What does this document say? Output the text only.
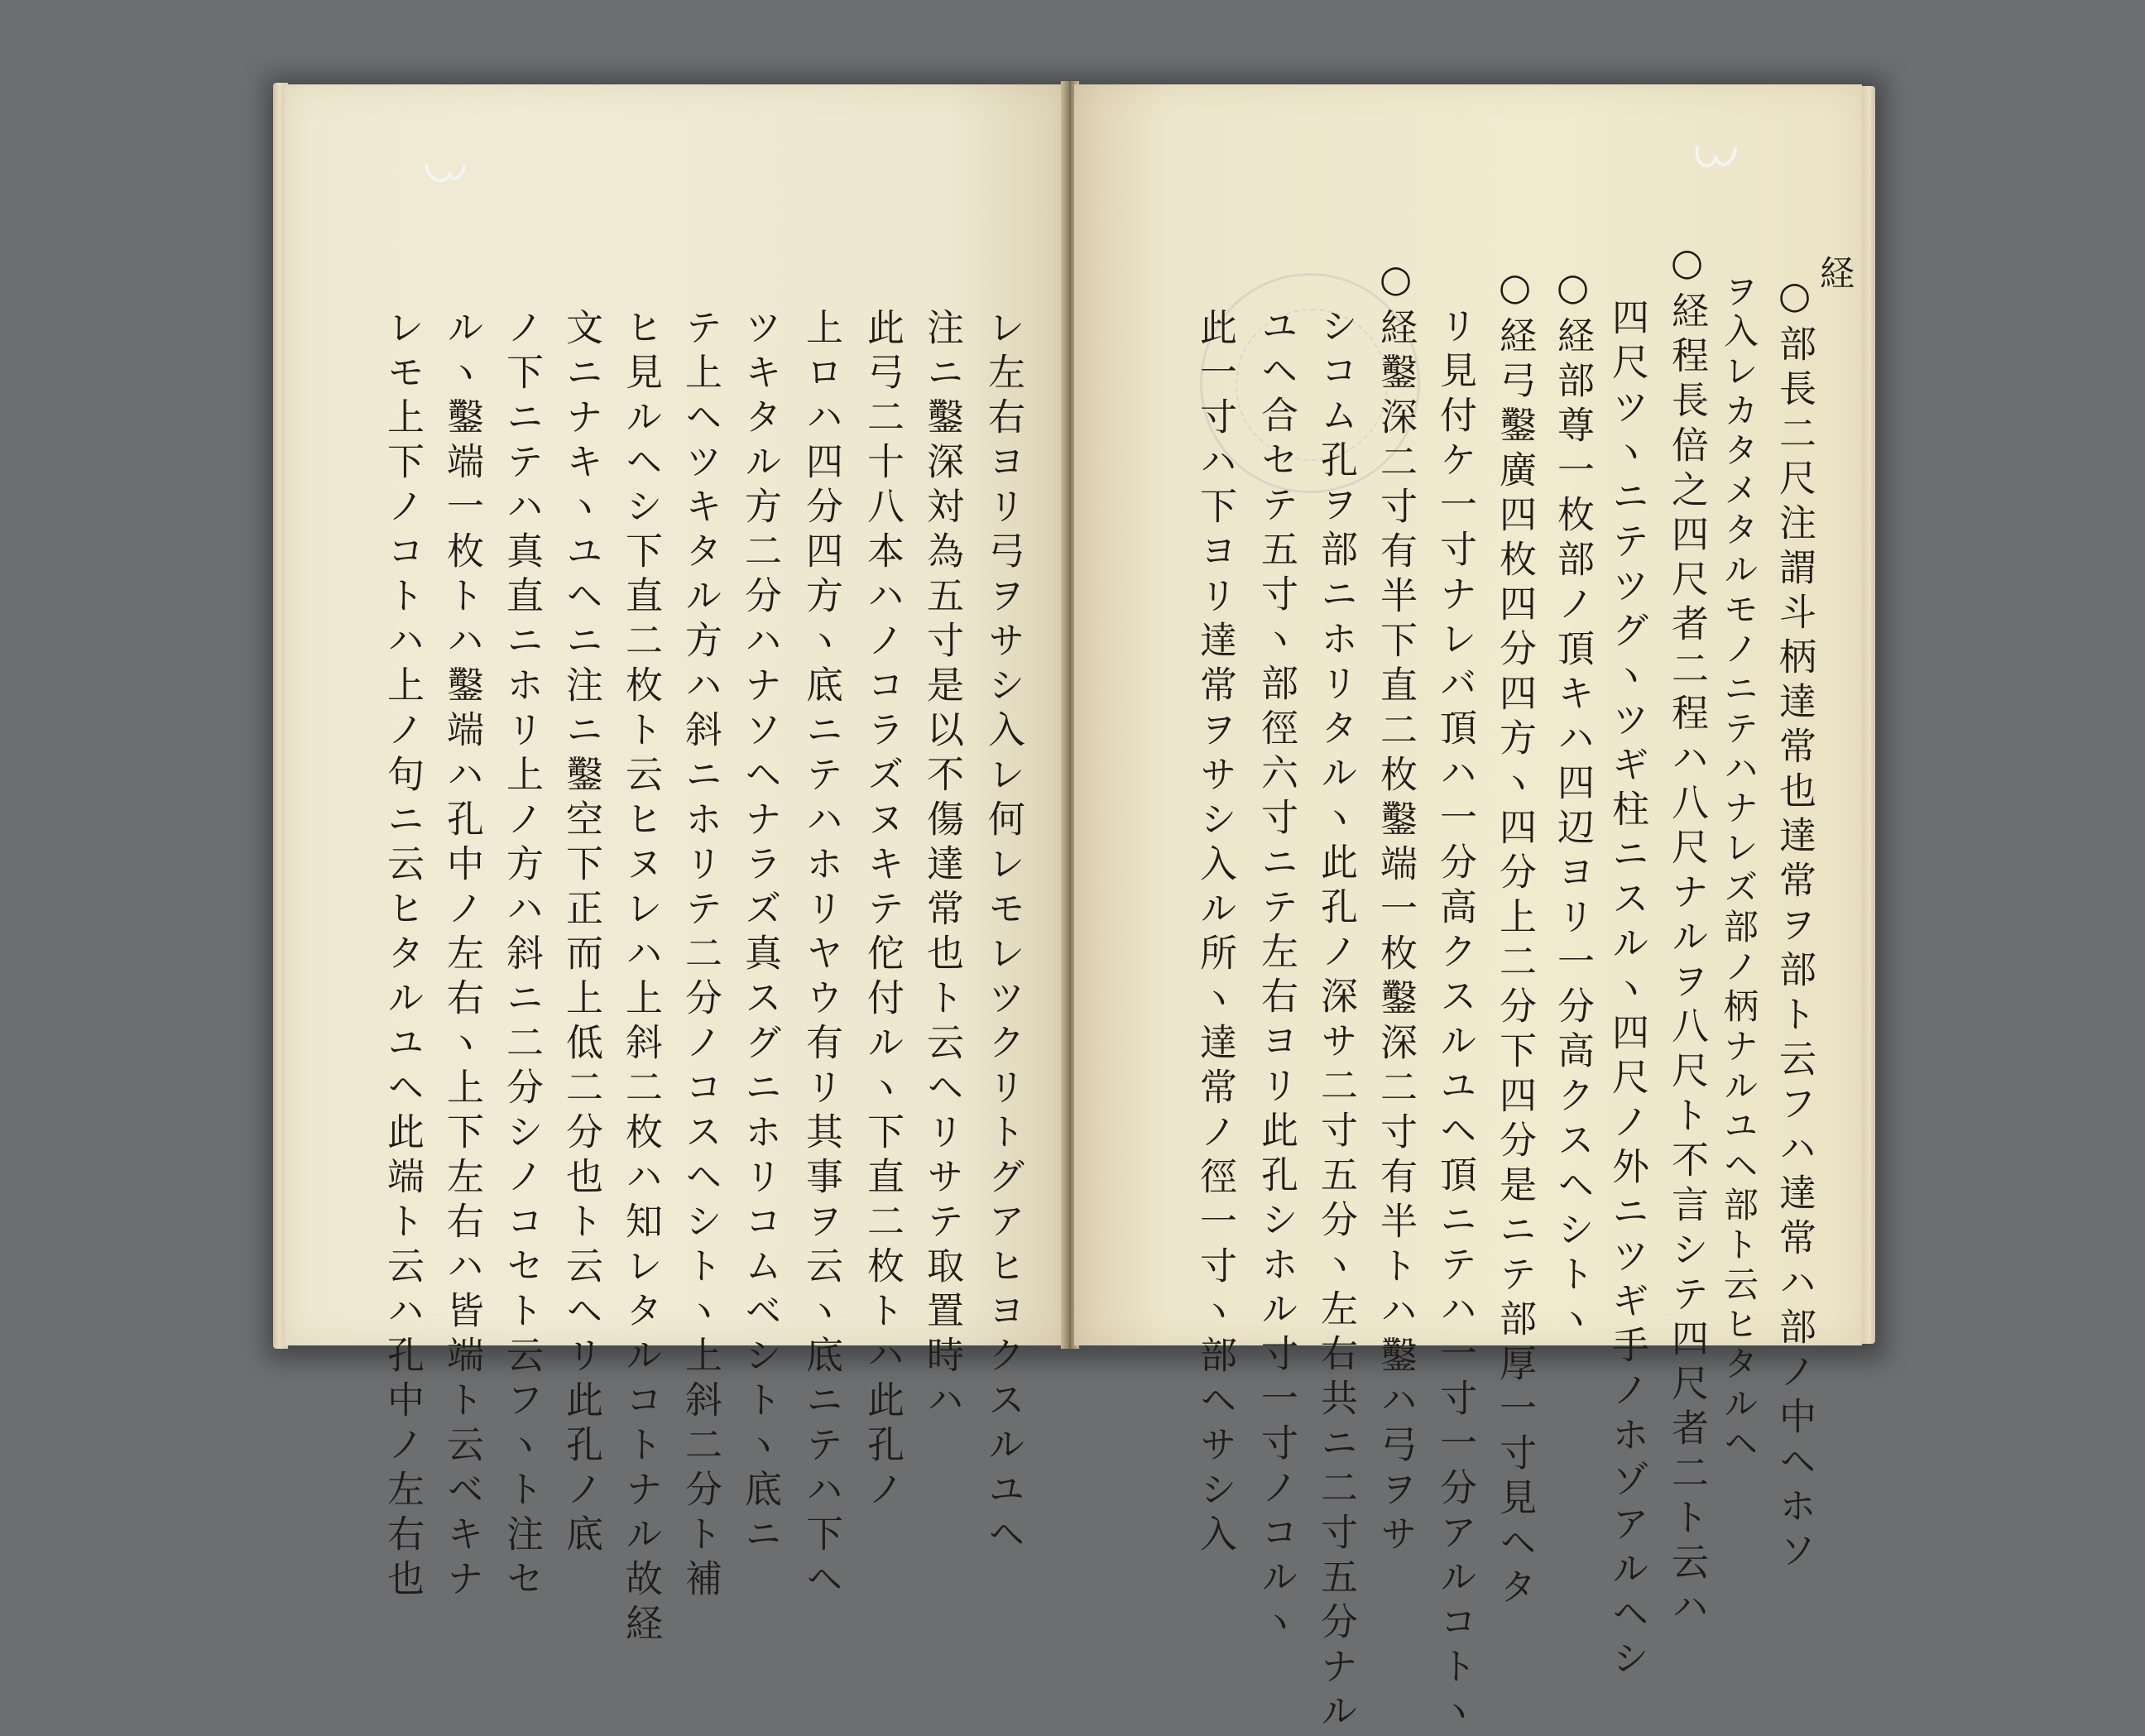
経
○部長二尺注謂斗柄達常也達常ヲ部ト云フハ達常ハ部ノ中ヘホソ
ヲ入レカタメタルモノニテハナレズ部ノ柄ナルユヘ部ト云ヒタルヘ
○経程長倍之四尺者二程ハ八尺ナルヲ八尺ト不言シテ四尺者二ト云ハ
四尺ツヽニテツグヽツギ柱ニスルヽ四尺ノ外ニツギ手ノホゾアルヘシ
○経部尊一枚部ノ頂キハ四辺ヨリ一分高クスヘシトヽ
○経弓鑿廣四枚四分四方ヽ四分上二分下四分是ニテ部厚一寸見ヘタ
リ見付ケ一寸ナレバ頂ハ一分高クスルユヘ頂ニテハ一寸一分アルコトヽ
○経鑿深二寸有半下直二枚鑿端一枚鑿深二寸有半トハ鑿ハ弓ヲサ
シコム孔ヲ部ニホリタルヽ此孔ノ深サ二寸五分ヽ左右共ニ二寸五分ナル
ユヘ合セテ五寸ヽ部徑六寸ニテ左右ヨリ此孔シホル寸一寸ノコルヽ
此一寸ハ下ヨリ達常ヲサシ入ル所ヽ達常ノ徑一寸ヽ部ヘサシ入
レ左右ヨリ弓ヲサシ入レ何レモレツクリトグアヒヨクスルユヘ
注ニ鑿深対為五寸是以不傷達常也ト云ヘリサテ取置時ハ
此弓二十八本ハノコラズヌキテ佗付ルヽ下直二枚トハ此孔ノ
上ロハ四分四方ヽ底ニテハホリヤウ有リ其事ヲ云ヽ底ニテハ下ヘ
ツキタル方二分ハナソヘナラズ真スグニホリコムベシトヽ底ニ
テ上ヘツキタル方ハ斜ニホリテ二分ノコスヘシトヽ上斜二分ト補
ヒ見ルヘシ下直二枚ト云ヒヌレハ上斜二枚ハ知レタルコトナル故経
文ニナキヽユヘニ注ニ鑿空下正而上低二分也ト云ヘリ此孔ノ底
ノ下ニテハ真直ニホリ上ノ方ハ斜ニ二分シノコセト云フヽト注セ
ルヽ鑿端一枚トハ鑿端ハ孔中ノ左右ヽ上下左右ハ皆端ト云ベキナ
レモ上下ノコトハ上ノ句ニ云ヒタルユヘ此端ト云ハ孔中ノ左右也
